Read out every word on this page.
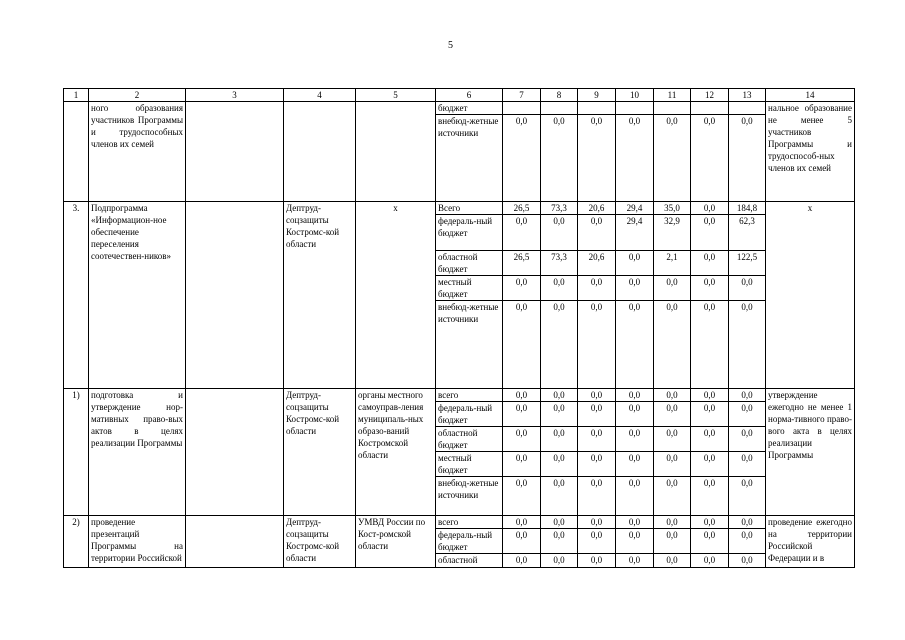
5
1	2	3	4	5	6	7	8	9	10	11	12	13	14
	ного образования участников Программы и трудоспособных членов их семей				бюджет								нальное образование не менее 5 участников Программы и трудоспособ-ных членов их семей
					внебюд-жетные источники	0,0	0,0	0,0	0,0	0,0	0,0	0,0	
3.	Подпрограмма «Информацион-ное обеспечение переселения соотечествен-ников»		Дептруд-соцзащиты Костромс-кой области	х	Всего	26,5	73,3	20,6	29,4	35,0	0,0	184,8	х
					федераль-ный бюджет	0,0	0,0	0,0	29,4	32,9	0,0	62,3	
					областной бюджет	26,5	73,3	20,6	0,0	2,1	0,0	122,5	
					местный бюджет	0,0	0,0	0,0	0,0	0,0	0,0	0,0	
					внебюд-жетные источники	0,0	0,0	0,0	0,0	0,0	0,0	0,0	
1)	подготовка и утверждение нор-мативных право-вых актов в целях реализации Программы		Дептруд-соцзащиты Костромс-кой области	органы местного самоуправ-ления муниципаль-ных образо-ваний Костромской области	всего	0,0	0,0	0,0	0,0	0,0	0,0	0,0	утверждение ежегодно не менее 1 норма-тивного право-вого акта в целях реализации Программы
					федераль-ный бюджет	0,0	0,0	0,0	0,0	0,0	0,0	0,0	
					областной бюджет	0,0	0,0	0,0	0,0	0,0	0,0	0,0	
					местный бюджет	0,0	0,0	0,0	0,0	0,0	0,0	0,0	
					внебюд-жетные источники	0,0	0,0	0,0	0,0	0,0	0,0	0,0	
2)	проведение презентаций Программы на территории Российской		Дептруд-соцзащиты Костромс-кой области	УМВД России по Кост-ромской области	всего	0,0	0,0	0,0	0,0	0,0	0,0	0,0	проведение ежегодно на территории Российской Федерации и в
					федераль-ный бюджет	0,0	0,0	0,0	0,0	0,0	0,0	0,0	
					областной	0,0	0,0	0,0	0,0	0,0	0,0	0,0	
